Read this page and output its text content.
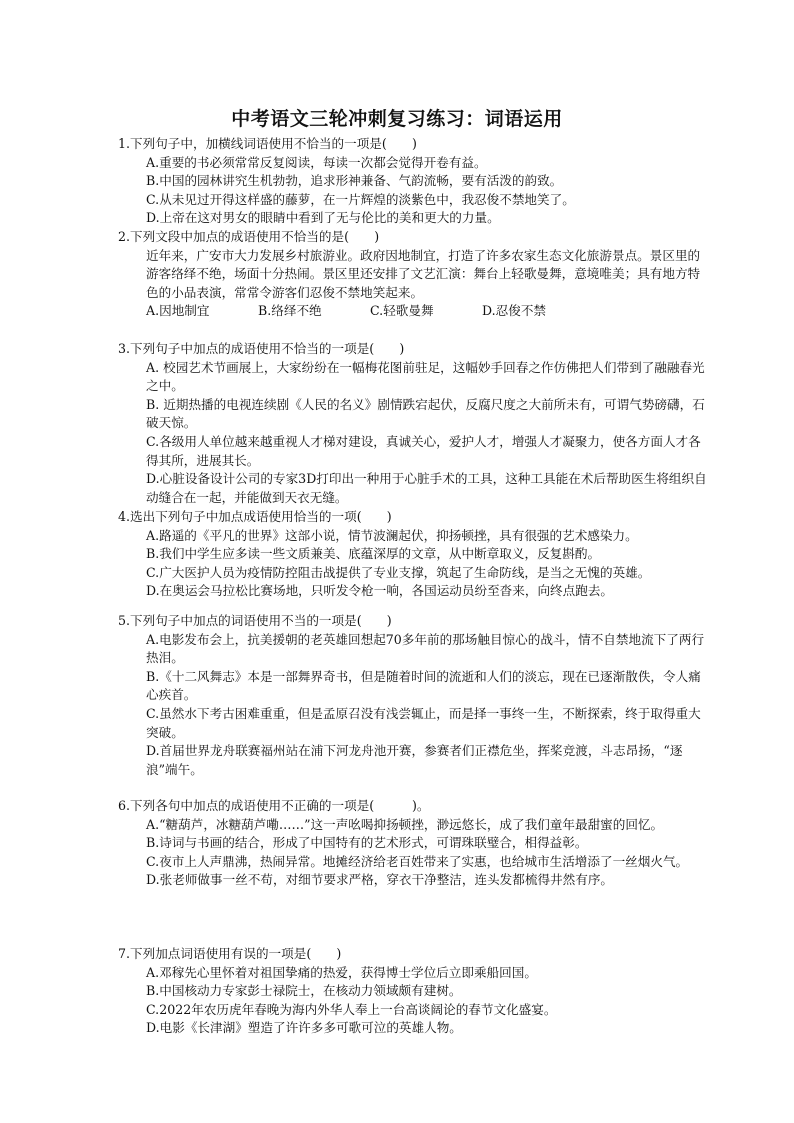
中考语文三轮冲刺复习练习：词语运用

1.下列句子中，加横线词语使用不恰当的一项是(　　)

A.重要的书必须常常反复阅读，每读一次都会觉得开卷有益。

B.中国的园林讲究生机勃勃，追求形神兼备、气韵流畅，要有活泼的韵致。

C.从未见过开得这样盛的藤萝，在一片辉煌的淡紫色中，我忍俊不禁地笑了。

D.上帝在这对男女的眼睛中看到了无与伦比的美和更大的力量。

2.下列文段中加点的成语使用不恰当的是(　　)

近年来，广安市大力发展乡村旅游业。政府因地制宜，打造了许多农家生态文化旅游景点。景区里的游客络绎不绝，场面十分热闹。景区里还安排了文艺汇演：舞台上轻歌曼舞，意境唯美；具有地方特色的小品表演，常常令游客们忍俊不禁地笑起来。

A.因地制宜	B.络绎不绝	C.轻歌曼舞	D.忍俊不禁

3.下列句子中加点的成语使用不恰当的一项是(　　)

A. 校园艺术节画展上，大家纷纷在一幅梅花图前驻足，这幅妙手回春之作仿佛把人们带到了融融春光之中。

B. 近期热播的电视连续剧《人民的名义》剧情跌宕起伏，反腐尺度之大前所未有，可谓气势磅礴，石破天惊。

C.各级用人单位越来越重视人才梯对建设，真诚关心，爱护人才，增强人才凝聚力，使各方面人才各得其所，进展其长。

D.心脏设备设计公司的专家3D打印出一种用于心脏手术的工具，这种工具能在术后帮助医生将组织自动缝合在一起，并能做到天衣无缝。

4.选出下列句子中加点成语使用恰当的一项(　　)

A.路遥的《平凡的世界》这部小说，情节波澜起伏，抑扬顿挫，具有很强的艺术感染力。

B.我们中学生应多读一些文质兼美、底蕴深厚的文章，从中断章取义，反复斟酌。

C.广大医护人员为疫情防控阻击战提供了专业支撑，筑起了生命防线，是当之无愧的英雄。

D.在奥运会马拉松比赛场地，只听发令枪一响，各国运动员纷至沓来，向终点跑去。

5.下列句子中加点的词语使用不当的一项是(　　)

A.电影发布会上，抗美援朝的老英雄回想起70多年前的那场触目惊心的战斗，情不自禁地流下了两行热泪。

B.《十二风舞志》本是一部舞界奇书，但是随着时间的流逝和人们的淡忘，现在已逐渐散佚，令人痛心疾首。

C.虽然水下考古困难重重，但是孟原召没有浅尝辄止，而是择一事终一生，不断探索，终于取得重大突破。

D.首届世界龙舟联赛福州站在浦下河龙舟池开赛，参赛者们正襟危坐，挥桨竞渡，斗志昂扬，“逐浪”端午。

6.下列各句中加点的成语使用不正确的一项是(　　　)。

A.“糖葫芦，冰糖葫芦嘞……”这一声吆喝抑扬顿挫，渺远悠长，成了我们童年最甜蜜的回忆。

B.诗词与书画的结合，形成了中国特有的艺术形式，可谓珠联璧合，相得益彰。

C.夜市上人声鼎沸，热闹异常。地摊经济给老百姓带来了实惠，也给城市生活增添了一丝烟火气。

D.张老师做事一丝不苟，对细节要求严格，穿衣干净整洁，连头发都梳得井然有序。

7.下列加点词语使用有误的一项是(　　)

A.邓稼先心里怀着对祖国挚痛的热爱，获得博士学位后立即乘船回国。

B.中国核动力专家彭士禄院士，在核动力领域颇有建树。

C.2022年农历虎年春晚为海内外华人奉上一台高谈阔论的春节文化盛宴。

D.电影《长津湖》塑造了许许多多可歌可泣的英雄人物。
